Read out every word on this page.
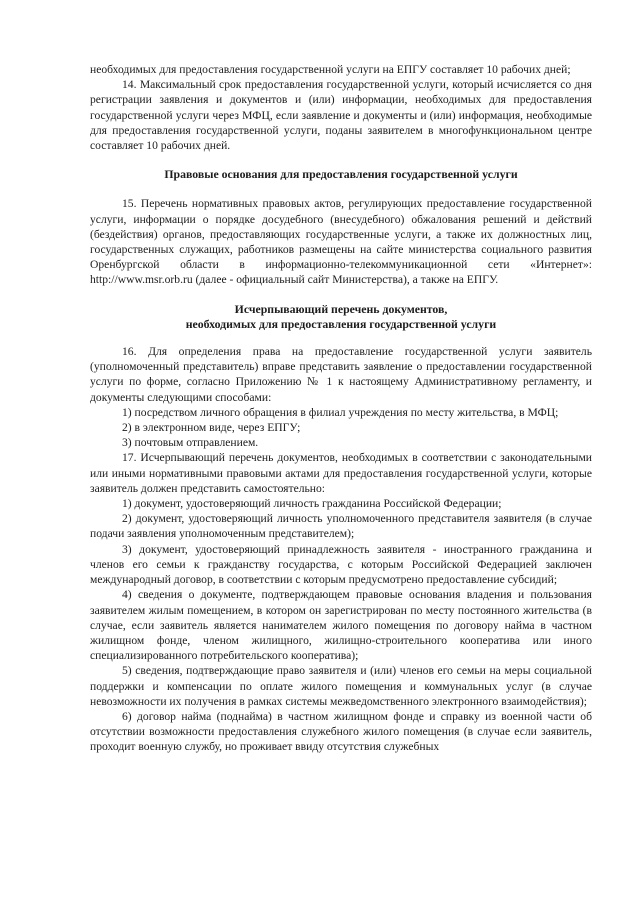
необходимых для предоставления государственной услуги на ЕПГУ составляет 10 рабочих дней;

14. Максимальный срок предоставления государственной услуги, который исчисляется со дня регистрации заявления и документов и (или) информации, необходимых для предоставления государственной услуги через МФЦ, если заявление и документы и (или) информация, необходимые для предоставления государственной услуги, поданы заявителем в многофункциональном центре составляет 10 рабочих дней.

Правовые основания для предоставления государственной услуги

15. Перечень нормативных правовых актов, регулирующих предоставление государственной услуги, информации о порядке досудебного (внесудебного) обжалования решений и действий (бездействия) органов, предоставляющих государственные услуги, а также их должностных лиц, государственных служащих, работников размещены на сайте министерства социального развития Оренбургской области в информационно-телекоммуникационной сети «Интернет»: http://www.msr.orb.ru (далее - официальный сайт Министерства), а также на ЕПГУ.

Исчерпывающий перечень документов,

необходимых для предоставления государственной услуги

16. Для определения права на предоставление государственной услуги заявитель (уполномоченный представитель) вправе представить заявление о предоставлении государственной услуги по форме, согласно Приложению № 1 к настоящему Административному регламенту, и документы следующими способами:

1) посредством личного обращения в филиал учреждения по месту жительства, в МФЦ;

2) в электронном виде, через ЕПГУ;

3) почтовым отправлением.

17. Исчерпывающий перечень документов, необходимых в соответствии с законодательными или иными нормативными правовыми актами для предоставления государственной услуги, которые заявитель должен представить самостоятельно:

1) документ, удостоверяющий личность гражданина Российской Федерации;

2) документ, удостоверяющий личность уполномоченного представителя заявителя (в случае подачи заявления уполномоченным представителем);

3) документ, удостоверяющий принадлежность заявителя - иностранного гражданина и членов его семьи к гражданству государства, с которым Российской Федерацией заключен международный договор, в соответствии с которым предусмотрено предоставление субсидий;

4) сведения о документе, подтверждающем правовые основания владения и пользования заявителем жилым помещением, в котором он зарегистрирован по месту постоянного жительства (в случае, если заявитель является нанимателем жилого помещения по договору найма в частном жилищном фонде, членом жилищного, жилищно-строительного кооператива или иного специализированного потребительского кооператива);

5) сведения, подтверждающие право заявителя и (или) членов его семьи на меры социальной поддержки и компенсации по оплате жилого помещения и коммунальных услуг (в случае невозможности их получения в рамках системы межведомственного электронного взаимодействия);

6) договор найма (поднайма) в частном жилищном фонде и справку из военной части об отсутствии возможности предоставления служебного жилого помещения (в случае если заявитель, проходит военную службу, но проживает ввиду отсутствия служебных
